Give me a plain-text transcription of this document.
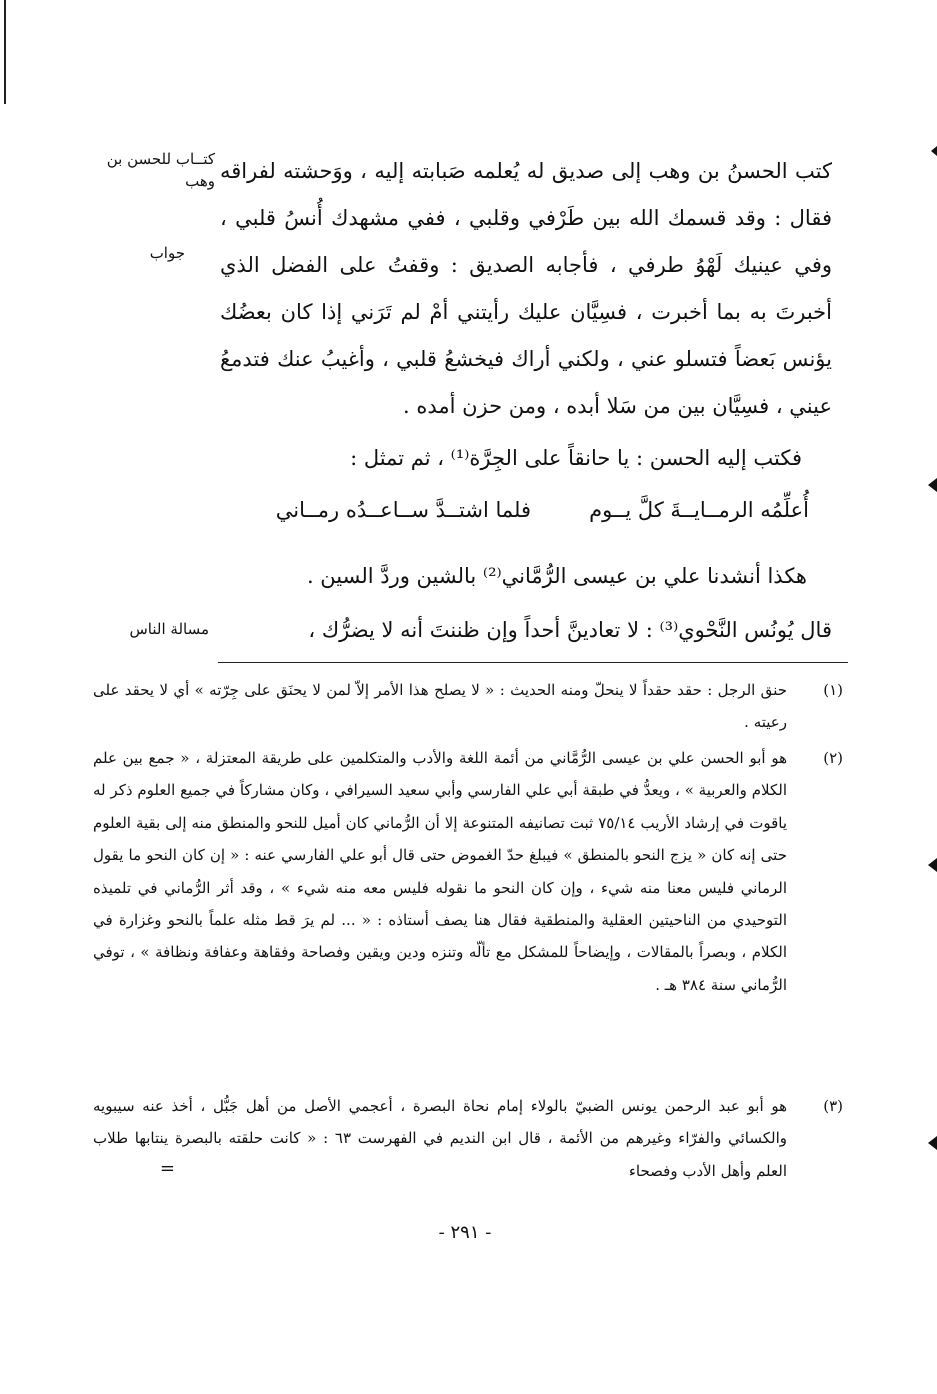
كتــاب للحسن بن وهب
جواب
مسالة الناس
=

كتب الحسنُ بن وهب إلى صديق له يُعلمه صَبابته إليه ، ووَحشته لفراقه فقال : وقد قسمك الله بين طَرْفي وقلبي ، ففي مشهدك أُنسُ قلبي ، وفي عينيك لَهْوُ طرفي ، فأجابه الصديق : وقفتُ على الفضل الذي أخبرتَ به بما أخبرت ، فسِيَّان عليك رأيتني أمْ لم تَرَني إذا كان بعضُك يؤنس بَعضاً فتسلو عني ، ولكني أراك فيخشعُ قلبي ، وأغيبُ عنك فتدمعُ عيني ، فسِيَّان بين من سَلا أبده ، ومن حزن أمده .

فكتب إليه الحسن : يا حانقاً على الجِرَّة⁽¹⁾ ، ثم تمثل :
أُعلِّمُه الرمــايــةَ كلَّ يــوم
فلما اشتــدَّ ســاعــدُه رمــاني
هكذا أنشدنا علي بن عيسى الرُّمَّاني⁽²⁾ بالشين وردَّ السين .
قال يُونُس النَّحْوي⁽³⁾ : لا تعادينَّ أحداً وإن ظننتَ أنه لا يضرُّك ،
(١)
حنق الرجل : حقد حقداً لا ينحلّ ومنه الحديث : « لا يصلح هذا الأمر إلاّ لمن لا يحنَق على جِرّته » أي لا يحقد على رعيته .
(٢)
هو أبو الحسن علي بن عيسى الرُّمَّاني من أئمة اللغة والأدب والمتكلمين على طريقة المعتزلة ، « جمع بين علم الكلام والعربية » ، ويعدُّ في طبقة أبي علي الفارسي وأبي سعيد السيرافي ، وكان مشاركاً في جميع العلوم ذكر له ياقوت في إرشاد الأريب ٧٥/١٤ ثبت تصانيفه المتنوعة إلا أن الرُّماني كان أميل للنحو والمنطق منه إلى بقية العلوم حتى إنه كان « يزج النحو بالمنطق » فيبلغ حدّ الغموض حتى قال أبو علي الفارسي عنه : « إن كان النحو ما يقول الرماني فليس معنا منه شيء ، وإن كان النحو ما نقوله فليس معه منه شيء » ، وقد أثر الرُّماني في تلميذه التوحيدي من الناحيتين العقلية والمنطقية فقال هنا يصف أستاذه : « ... لم يرَ قط مثله علماً بالنحو وغزارة في الكلام ، وبصراً بالمقالات ، وإيضاحاً للمشكل مع تألّه وتنزه ودين ويقين وفصاحة وفقاهة وعفافة ونظافة » ، توفي الرُّماني سنة ٣٨٤ هـ .
(٣)
هو أبو عبد الرحمن يونس الضبيّ بالولاء إمام نحاة البصرة ، أعجمي الأصل من أهل جَبُّل ، أخذ عنه سيبويه والكسائي والفرّاء وغيرهم من الأئمة ، قال ابن النديم في الفهرست ٦٣ : « كانت حلقته بالبصرة ينتابها طلاب العلم وأهل الأدب وفصحاء
- ٢٩١ -
